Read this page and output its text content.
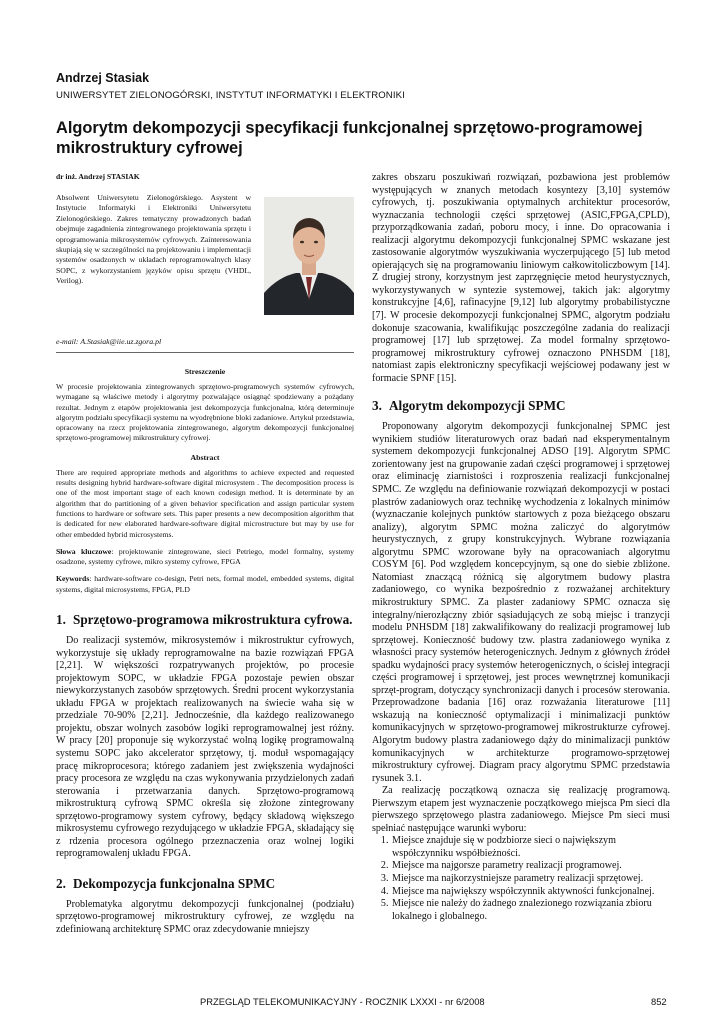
Andrzej Stasiak
UNIWERSYTET ZIELONOGÓRSKI, INSTYTUT INFORMATYKI I ELEKTRONIKI
Algorytm dekompozycji specyfikacji funkcjonalnej sprzętowo-programowej mikrostruktury cyfrowej

dr inż. Andrzej STASIAK

Absolwent Uniwersytetu Zielonogórskiego. Asystent w Instytucie Informatyki i Elektroniki Uniwersytetu Zielonogórskiego. Zakres tematyczny prowadzonych badań obejmuje zagadnienia zintegrowanego projektowania sprzętu i oprogramowania mikrosystemów cyfrowych. Zainteresowania skupiają się w szczególności na projektowaniu i implementacji systemów osadzonych w układach reprogramowalnych klasy SOPC, z wykorzystaniem języków opisu sprzętu (VHDL, Verilog).

e-mail: A.Stasiak@iie.uz.zgora.pl

Streszczenie

W procesie projektowania zintegrowanych sprzętowo-programowych systemów cyfrowych, wymagane są właściwe metody i algorytmy pozwalające osiągnąć spodziewany a pożądany rezultat. Jednym z etapów projektowania jest dekompozycja funkcjonalna, którą determinuje algorytm podziału specyfikacji systemu na wyodrębnione bloki zadaniowe. Artykuł przedstawia, opracowany na rzecz projektowania zintegrowanego, algorytm dekompozycji funkcjonalnej sprzętowo-programowej mikrostruktury cyfrowej.

Abstract

There are required appropriate methods and algorithms to achieve expected and requested results designing hybrid hardware-software digital microsystem . The decomposition process is one of the most important stage of each known codesign method. It is determinate by an algorithm that do partitioning of a given behavior specification and assign particular system functions to hardware or software sets. This paper presents a new decomposition algorithm that is dedicated for new elaborated hardware-software digital microstructure but may by use for other embedded hybrid microsystems.

Słowa kluczowe: projektowanie zintegrowane, sieci Petriego, model formalny, systemy osadzone, systemy cyfrowe, mikro systemy cyfrowe, FPGA

Keywords: hardware-software co-design, Petri nets, formal model, embedded systems, digital systems, digital microsystems, FPGA, PLD

1. Sprzętowo-programowa mikrostruktura cyfrowa.

Do realizacji systemów, mikrosystemów i mikrostruktur cyfrowych, wykorzystuje się układy reprogramowalne na bazie rozwiązań FPGA [2,21]. W większości rozpatrywanych projektów, po procesie projektowym SOPC, w układzie FPGA pozostaje pewien obszar niewykorzystanych zasobów sprzętowych. Średni procent wykorzystania układu FPGA w projektach realizowanych na świecie waha się w przedziale 70-90% [2,21]. Jednocześnie, dla każdego realizowanego projektu, obszar wolnych zasobów logiki reprogramowalnej jest różny. W pracy [20] proponuje się wykorzystać wolną logikę programowalną systemu SOPC jako akcelerator sprzętowy, tj. moduł wspomagający pracę mikroprocesora; którego zadaniem jest zwiększenia wydajności pracy procesora ze względu na czas wykonywania przydzielonych zadań sterowania i przetwarzania danych. Sprzętowo-programową mikrostrukturą cyfrową SPMC określa się złożone zintegrowany sprzętowo-programowy system cyfrowy, będący składową większego mikrosystemu cyfrowego rezydującego w układzie FPGA, składający się z rdzenia procesora ogólnego przeznaczenia oraz wolnej logiki reprogramowalenj układu FPGA.

2. Dekompozycja funkcjonalna SPMC

Problematyka algorytmu dekompozycji funkcjonalnej (podziału) sprzętowo-programowej mikrostruktury cyfrowej, ze względu na zdefiniowaną architekturę SPMC oraz zdecydowanie mniejszy

zakres obszaru poszukiwań rozwiązań, pozbawiona jest problemów występujących w znanych metodach kosyntezy [3,10] systemów cyfrowych, tj. poszukiwania optymalnych architektur procesorów, wyznaczania technologii części sprzętowej (ASIC,FPGA,CPLD), przyporządkowania zadań, poboru mocy, i inne. Do opracowania i realizacji algorytmu dekompozycji funkcjonalnej SPMC wskazane jest zastosowanie algorytmów wyszukiwania wyczerpującego [5] lub metod opierających się na programowaniu liniowym całkowitoliczbowym [14]. Z drugiej strony, korzystnym jest zaprzęgnięcie metod heurystycznych, wykorzystywanych w syntezie systemowej, takich jak: algorytmy konstrukcyjne [4,6], rafinacyjne [9,12] lub algorytmy probabilistyczne [7]. W procesie dekompozycji funkcjonalnej SPMC, algorytm podziału dokonuje szacowania, kwalifikując poszczególne zadania do realizacji programowej [17] lub sprzętowej. Za model formalny sprzętowo-programowej mikrostruktury cyfrowej oznaczono PNHSDM [18], natomiast zapis elektroniczny specyfikacji wejściowej podawany jest w formacie SPNF [15].

3. Algorytm dekompozycji SPMC

Proponowany algorytm dekompozycji funkcjonalnej SPMC jest wynikiem studiów literaturowych oraz badań nad eksperymentalnym systemem dekompozycji funkcjonalnej ADSO [19]. Algorytm SPMC zorientowany jest na grupowanie zadań części programowej i sprzętowej oraz eliminację ziarnistości i rozproszenia realizacji funkcjonalnej SPMC. Ze względu na definiowanie rozwiązań dekompozycji w postaci plastrów zadaniowych oraz technikę wychodzenia z lokalnych minimów (wyznaczanie kolejnych punktów startowych z poza bieżącego obszaru analizy), algorytm SPMC można zaliczyć do algorytmów heurystycznych, z grupy konstrukcyjnych. Wybrane rozwiązania algorytmu SPMC wzorowane były na opracowaniach algorytmu COSYM [6]. Pod względem koncepcyjnym, są one do siebie zbliżone. Natomiast znaczącą różnicą się algorytmem budowy plastra zadaniowego, co wynika bezpośrednio z rozważanej architektury mikrostruktury SPMC. Za plaster zadaniowy SPMC oznacza się integralny/nierozłączny zbiór sąsiadujących ze sobą miejsc i tranzycji modelu PNHSDM [18] zakwalifikowany do realizacji programowej lub sprzętowej. Konieczność budowy tzw. plastra zadaniowego wynika z własności pracy systemów heterogenicznych. Jednym z głównych źródeł spadku wydajności pracy systemów heterogenicznych, o ścisłej integracji części programowej i sprzętowej, jest proces wewnętrznej komunikacji sprzęt-program, dotyczący synchronizacji danych i procesów sterowania. Przeprowadzone badania [16] oraz rozważania literaturowe [11] wskazują na konieczność optymalizacji i minimalizacji punktów komunikacyjnych w sprzętowo-programowej mikrostrukturze cyfrowej. Algorytm budowy plastra zadaniowego dąży do minimalizacji punktów komunikacyjnych w architekturze programowo-sprzętowej mikrostruktury cyfrowej. Diagram pracy algorytmu SPMC przedstawia rysunek 3.1.

Za realizację początkową oznacza się realizację programową. Pierwszym etapem jest wyznaczenie początkowego miejsca Pm sieci dla pierwszego sprzętowego plastra zadaniowego. Miejsce Pm sieci musi spełniać następujące warunki wyboru:

1. Miejsce znajduje się w podzbiorze sieci o największym współczynniku współbieżności.
2. Miejsce ma najgorsze parametry realizacji programowej.
3. Miejsce ma najkorzystniejsze parametry realizacji sprzętowej.
4. Miejsce ma największy współczynnik aktywności funkcjonalnej.
5. Miejsce nie należy do żadnego znalezionego rozwiązania zbioru lokalnego i globalnego.
PRZEGLĄD TELEKOMUNIKACYJNY - ROCZNIK LXXXI - nr 6/2008	852
